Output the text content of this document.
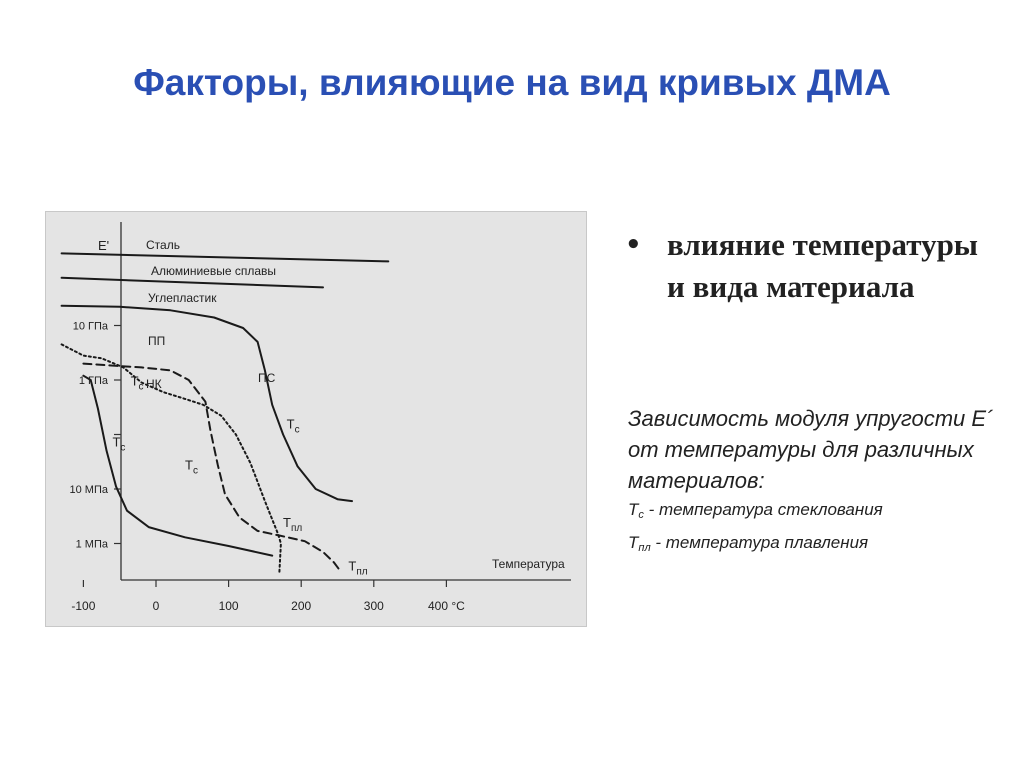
Факторы, влияющие на вид кривых ДМА
E'
Температура
10 ГПа
1 ГПа
10 МПа
1 МПа
-100	0	100	200	300	400 °C
Сталь
Алюминиевые сплавы
Углепластик
ПП
ПС
НК
$T_c$
$T_c$
$T_c$
$T_c$
$T_{пл}$
$T_{пл}$
• влияние температуры и вида материала
Зависимость модуля упругости E´ от температуры для различных материалов:
$T_c$ - температура стеклования
$T_{пл}$ - температура плавления
